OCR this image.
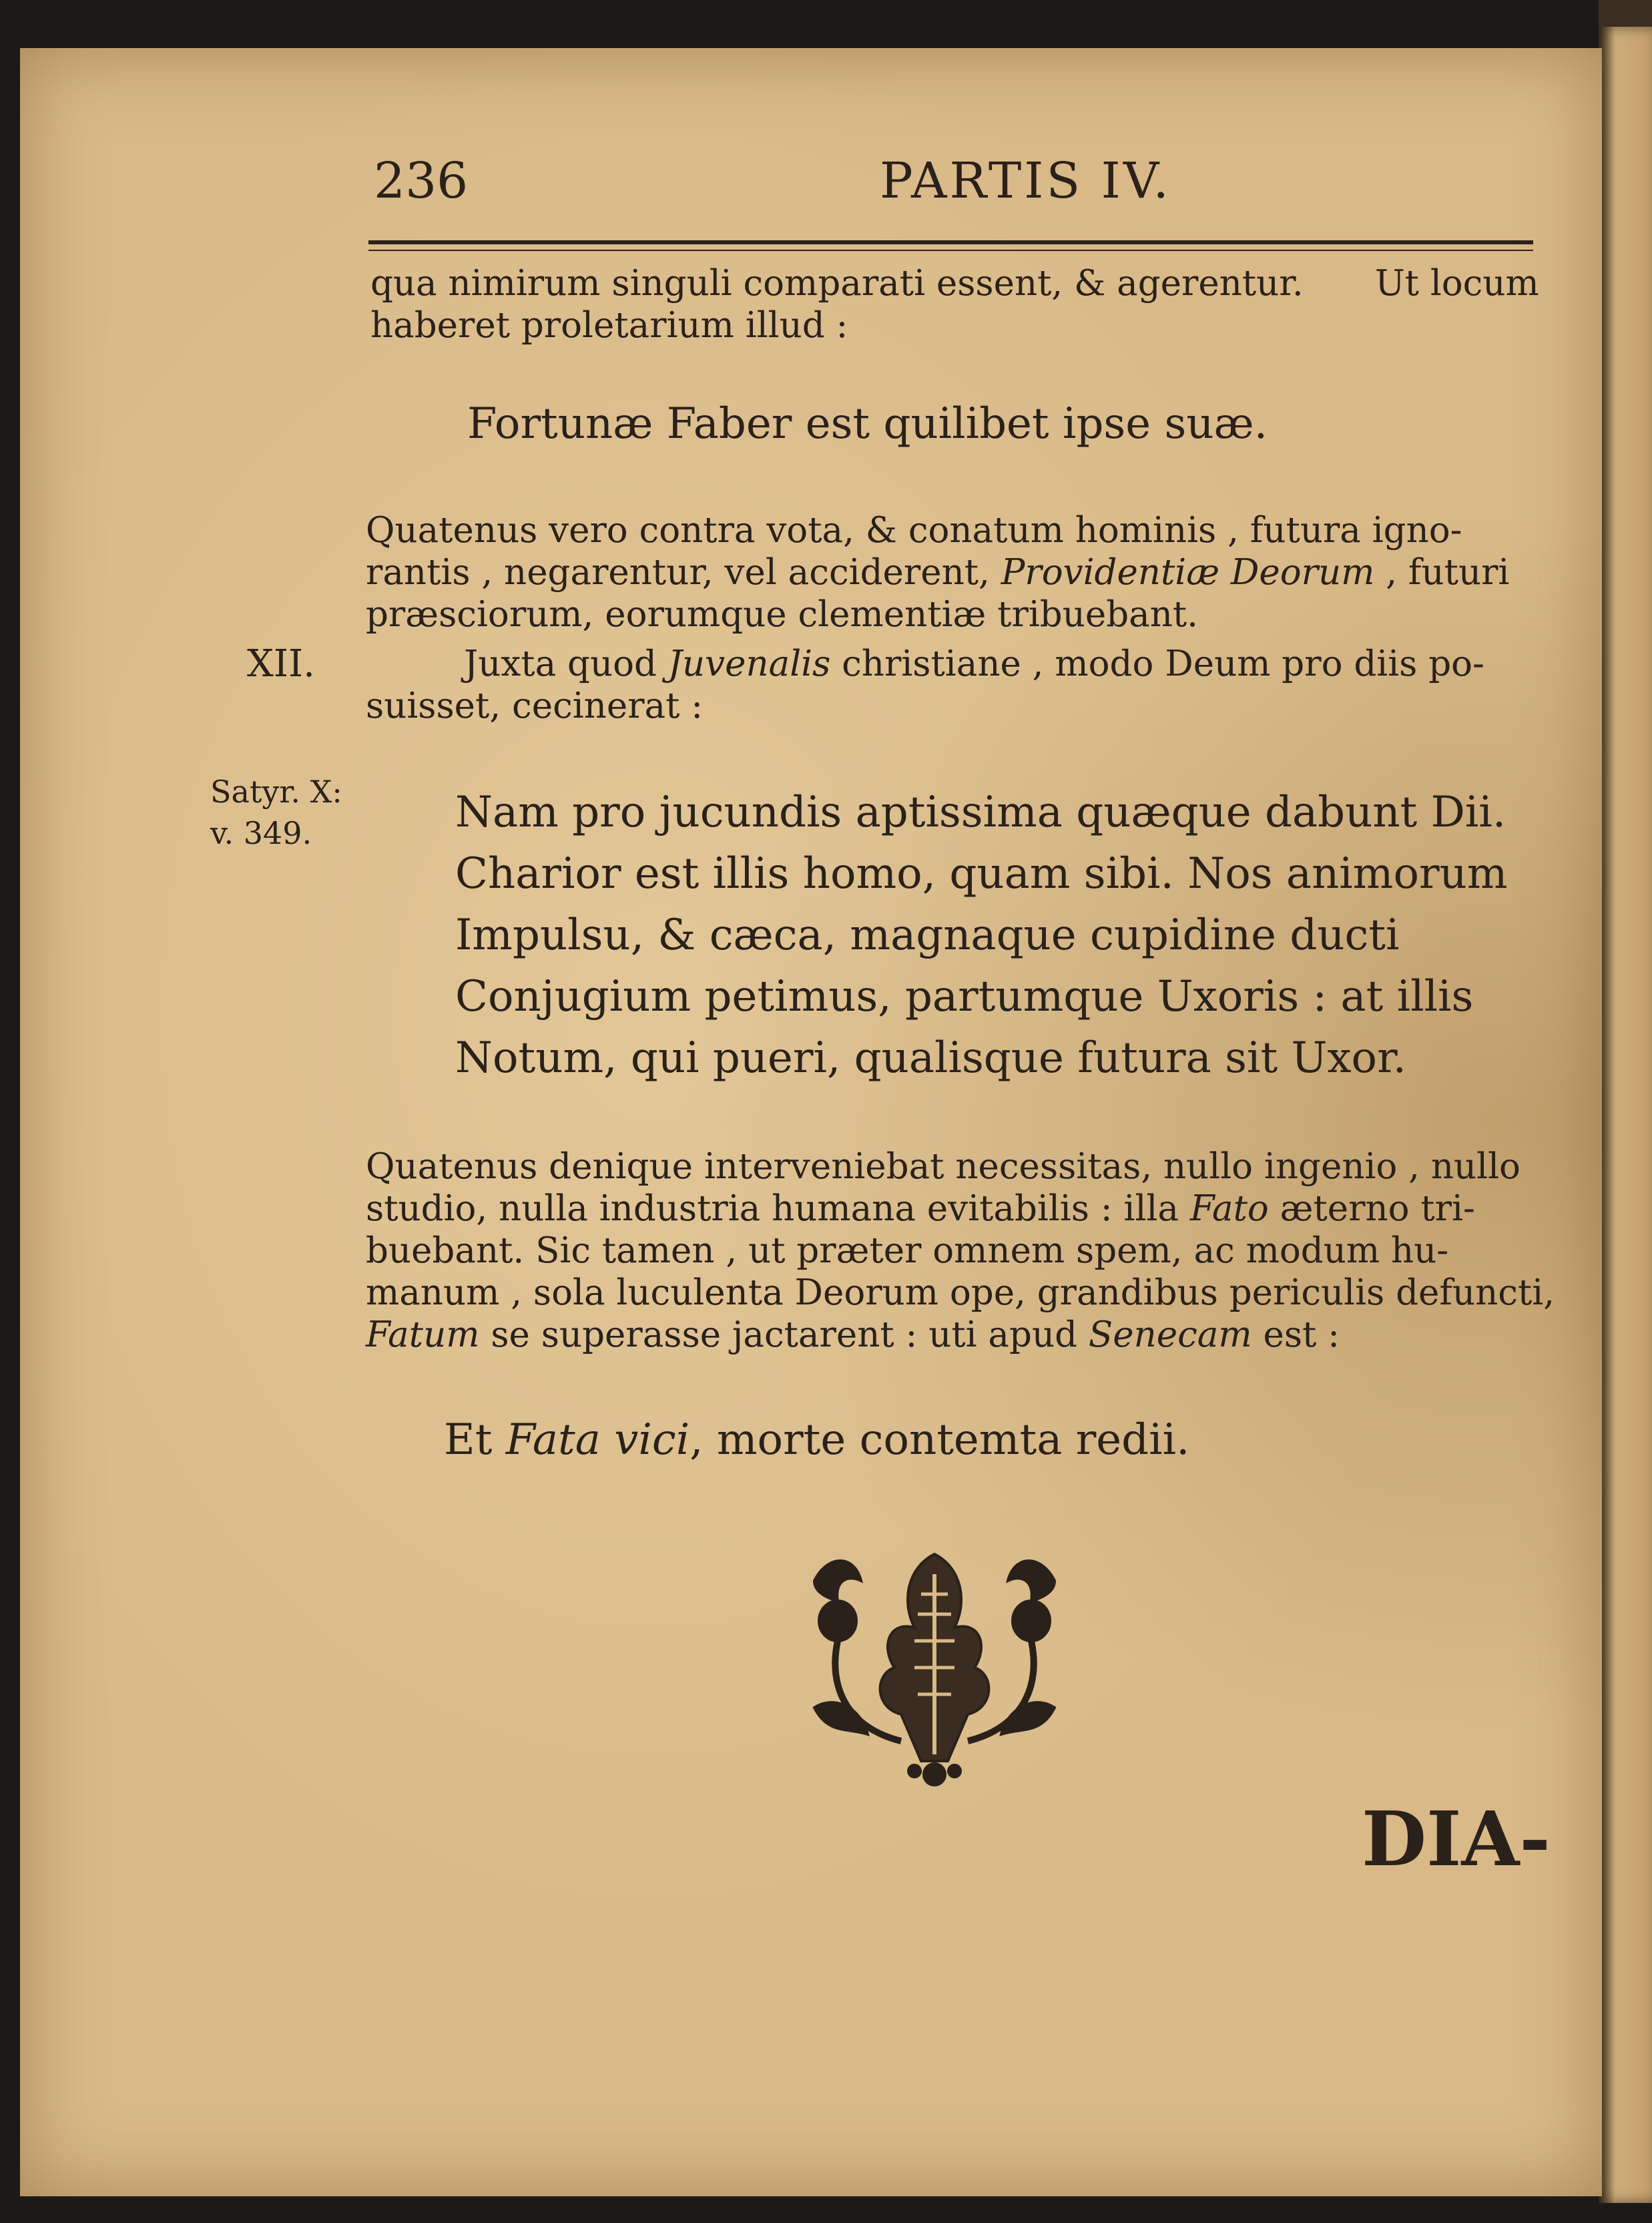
236	PARTIS IV.
qua nimirum singuli comparati essent, & agerentur. Ut locum
haberet proletarium illud :
Fortunæ Faber est quilibet ipse suæ.
Quatenus vero contra vota, & conatum hominis , futura igno-
rantis , negarentur, vel acciderent, Providentiæ Deorum , futuri
præsciorum, eorumque clementiæ tribuebant.
XII.	Juxta quod Juvenalis christiane , modo Deum pro diis po-
suisset, cecinerat :
Satyr. X:
v. 349.	Nam pro jucundis aptissima quæque dabunt Dii.
Charior est illis homo, quam sibi. Nos animorum
Impulsu, & cæca, magnaque cupidine ducti
Conjugium petimus, partumque Uxoris : at illis
Notum, qui pueri, qualisque futura sit Uxor.
Quatenus denique interveniebat necessitas, nullo ingenio , nullo
studio, nulla industria humana evitabilis : illa Fato æterno tri-
buebant. Sic tamen , ut præter omnem spem, ac modum hu-
manum , sola luculenta Deorum ope, grandibus periculis defuncti,
Fatum se superasse jactarent : uti apud Senecam est :
Et Fata vici, morte contemta redii.
DIA-
